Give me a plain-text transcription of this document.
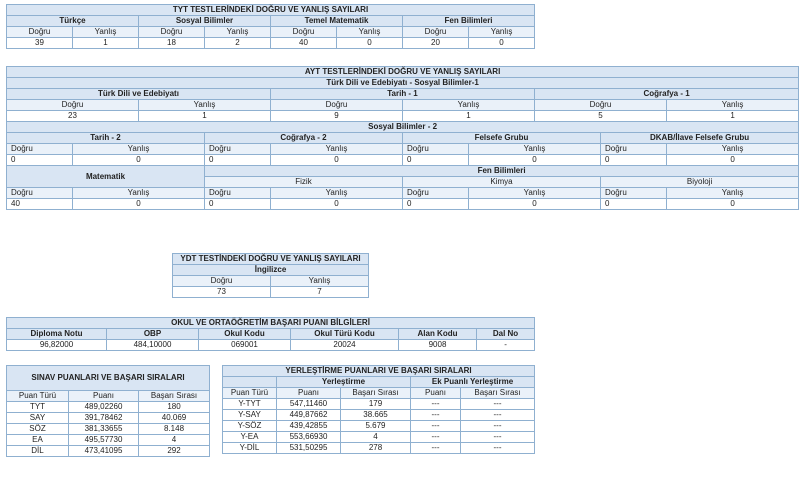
TYT TESTLERİNDEKİ DOĞRU VE YANLIŞ SAYILARI							
Türkçe		Sosyal Bilimler		Temel Matematik		Fen Bilimleri	
Doğru	Yanlış	Doğru	Yanlış	Doğru	Yanlış	Doğru	Yanlış
39	1	18	2	40	0	20	0
AYT TESTLERİNDEKİ DOĞRU VE YANLIŞ SAYILARI									
Türk Dili ve Edebiyatı - Sosyal Bilimler-1									
Türk Dili ve Edebiyatı				Tarih - 1			Coğrafya - 1		
Doğru		Yanlış		Doğru	Yanlış		Doğru		Yanlış
23		1		9	1		5		1
Sosyal Bilimler - 2									
Tarih - 2			Coğrafya - 2		Felsefe Grubu			DKAB/İlave Felsefe Grubu	
Doğru	Yanlış		Doğru	Yanlış	Doğru	Yanlış		Doğru	Yanlış
0	0		0	0	0	0		0	0
Matematik			Fen Bilimleri						
			Fizik		Kimya			Biyoloji	
Doğru	Yanlış		Doğru	Yanlış	Doğru	Yanlış		Doğru	Yanlış
40	0		0	0	0	0		0	0
YDT TESTİNDEKİ DOĞRU VE YANLIŞ SAYILARI	
İngilizce	
Doğru	Yanlış
73	7
OKUL VE ORTAÖĞRETİM BAŞARI PUANI BİLGİLERİ					
Diploma Notu	OBP	Okul Kodu	Okul Türü Kodu	Alan Kodu	Dal No
96,82000	484,10000	069001	20024	9008	-
SINAV PUANLARI VE BAŞARI SIRALARI		
Puan Türü	Puanı	Başarı Sırası
TYT	489,02260	180
SAY	391,78462	40.069
SÖZ	381,33655	8.148
EA	495,57730	4
DİL	473,41095	292
YERLEŞTİRME PUANLARI VE BAŞARI SIRALARI				
	Yerleştirme		Ek Puanlı Yerleştirme	
Puan Türü	Puanı	Başarı Sırası	Puanı	Başarı Sırası
Y-TYT	547,11460	179	---	---
Y-SAY	449,87662	38.665	---	---
Y-SÖZ	439,42855	5.679	---	---
Y-EA	553,66930	4	---	---
Y-DİL	531,50295	278	---	---
